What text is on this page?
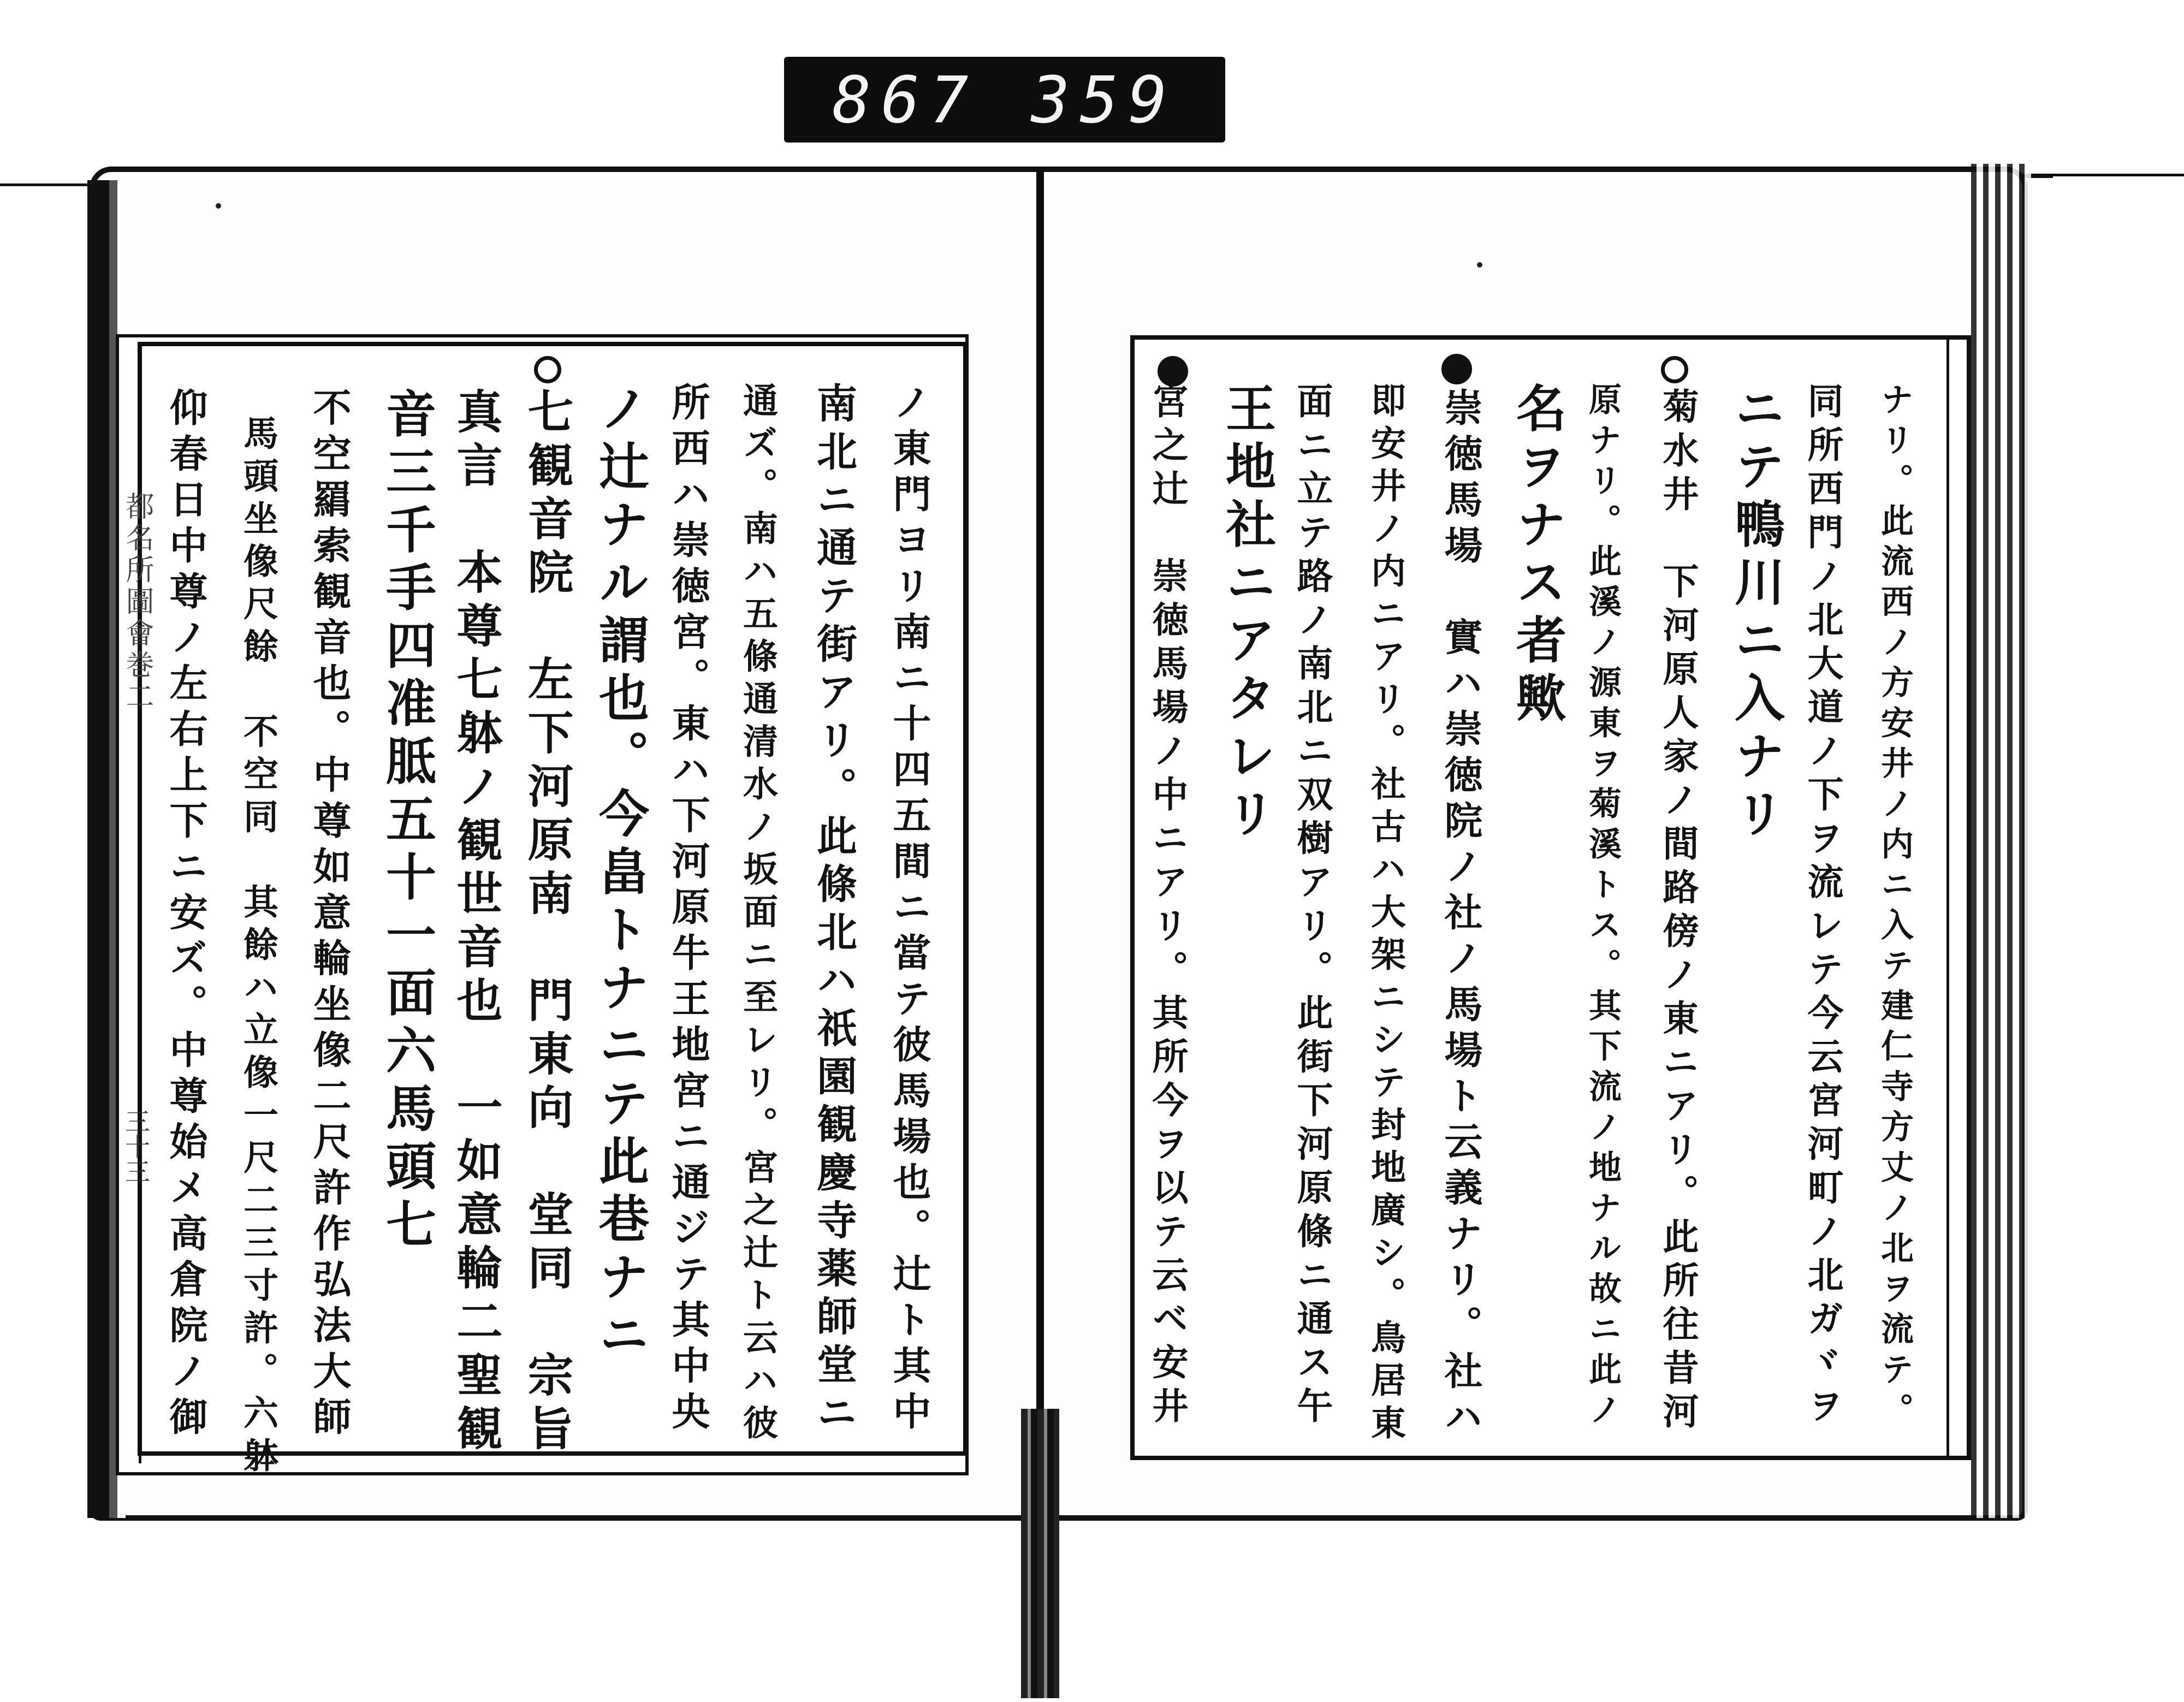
867 359
都名所圖會巻二
三十三	ノ東門ヨリ南ニ十四五間ニ當テ彼馬場也。辻ト其中
南北ニ通テ街アリ。此條北ハ祇園観慶寺薬師堂ニ
通ズ。南ハ五條通清水ノ坂面ニ至レリ。宮之辻ト云ハ彼
所西ハ崇徳宮。東ハ下河原牛王地宮ニ通ジテ其中央
ノ辻ナル謂也。今畠トナニテ此巷ナニ
七観音院　左下河原南　門東向　堂同　宗旨
真言　本尊七躰ノ観世音也　一如意輪二聖観
音三千手四准胝五十一面六馬頭七
不空羂索観音也。中尊如意輪坐像二尺許作弘法大師
馬頭坐像尺餘　不空同　其餘ハ立像一尺二三寸許。六躰
仰春日中尊ノ左右上下ニ安ズ。中尊始メ高倉院ノ御	ナリ。此流西ノ方安井ノ内ニ入テ建仁寺方丈ノ北ヲ流テ。
同所西門ノ北大道ノ下ヲ流レテ今云宮河町ノ北ガヾヲ
ニテ鴨川ニ入ナリ
菊水井　下河原人家ノ間路傍ノ東ニアリ。此所往昔河
原ナリ。此溪ノ源東ヲ菊溪トス。其下流ノ地ナル故ニ此ノ
名ヲナス者歟
崇徳馬場　實ハ崇徳院ノ社ノ馬場ト云義ナリ。社ハ
即安井ノ内ニアリ。社古ハ大架ニシテ封地廣シ。鳥居東
面ニ立テ路ノ南北ニ双樹アリ。此街下河原條ニ通ス午
王地社ニアタレリ
宮之辻　崇徳馬場ノ中ニアリ。其所今ヲ以テ云ベ安井
